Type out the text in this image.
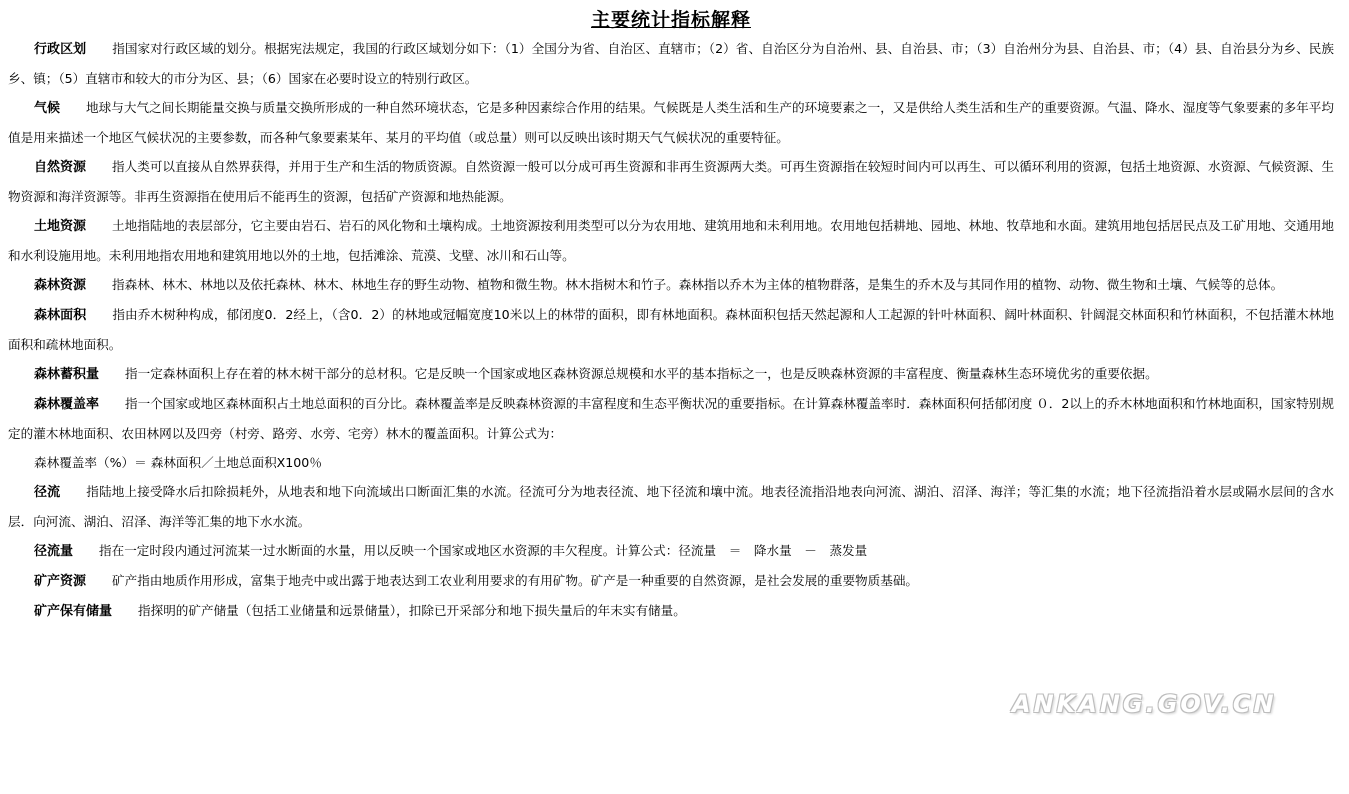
主要统计指标解释

行政区划 指国家对行政区域的划分。根据宪法规定，我国的行政区域划分如下：（1）全国分为省、自治区、直辖市；（2）省、自治区分为自治州、县、自治县、市；（3）自治州分为县、自治县、市；（4）县、自治县分为乡、民族乡、镇；（5）直辖市和较大的市分为区、县；（6）国家在必要时设立的特别行政区。

气候 地球与大气之间长期能量交换与质量交换所形成的一种自然环境状态，它是多种因素综合作用的结果。气候既是人类生活和生产的环境要素之一，又是供给人类生活和生产的重要资源。气温、降水、湿度等气象要素的多年平均值是用来描述一个地区气候状况的主要参数，而各种气象要素某年、某月的平均值（或总量）则可以反映出该时期天气气候状况的重要特征。

自然资源 指人类可以直接从自然界获得，并用于生产和生活的物质资源。自然资源一般可以分成可再生资源和非再生资源两大类。可再生资源指在较短时间内可以再生、可以循环利用的资源，包括土地资源、水资源、气候资源、生物资源和海洋资源等。非再生资源指在使用后不能再生的资源，包括矿产资源和地热能源。

土地资源 土地指陆地的表层部分，它主要由岩石、岩石的风化物和土壤构成。土地资源按利用类型可以分为农用地、建筑用地和未利用地。农用地包括耕地、园地、林地、牧草地和水面。建筑用地包括居民点及工矿用地、交通用地和水利设施用地。未利用地指农用地和建筑用地以外的土地，包括滩涂、荒漠、戈壁、冰川和石山等。

森林资源 指森林、林木、林地以及依托森林、林木、林地生存的野生动物、植物和微生物。林木指树木和竹子。森林指以乔木为主体的植物群落，是集生的乔木及与其同作用的植物、动物、微生物和土壤、气候等的总体。

森林面积 指由乔木树种构成，郁闭度0．2经上，（含0．2）的林地或冠幅宽度10米以上的林带的面积，即有林地面积。森林面积包括天然起源和人工起源的针叶林面积、阔叶林面积、针阔混交林面积和竹林面积，不包括灌木林地面积和疏林地面积。

森林蓄积量 指一定森林面积上存在着的林木树干部分的总材积。它是反映一个国家或地区森林资源总规模和水平的基本指标之一，也是反映森林资源的丰富程度、衡量森林生态环境优劣的重要依据。

森林覆盖率 指一个国家或地区森林面积占土地总面积的百分比。森林覆盖率是反映森林资源的丰富程度和生态平衡状况的重要指标。在计算森林覆盖率时．森林面积何括郁闭度 ０．2以上的乔木林地面积和竹林地面积，国家特别规定的灌木林地面积、农田林网以及四旁（村旁、路旁、水旁、宅旁）林木的覆盖面积。计算公式为：

森林覆盖率（%）＝ 森林面积／土地总面积X100％

径流 指陆地上接受降水后扣除损耗外，从地表和地下向流域出口断面汇集的水流。径流可分为地表径流、地下径流和壤中流。地表径流指沿地表向河流、湖泊、沼泽、海洋；等汇集的水流；地下径流指沿着水层或隔水层间的含水层．向河流、湖泊、沼泽、海洋等汇集的地下水水流。

径流量 指在一定时段内通过河流某一过水断面的水量，用以反映一个国家或地区水资源的丰欠程度。计算公式：径流量　＝　降水量　－　蒸发量

矿产资源 矿产指由地质作用形成，富集于地壳中或出露于地表达到工农业利用要求的有用矿物。矿产是一种重要的自然资源，是社会发展的重要物质基础。

矿产保有储量 指探明的矿产储量（包括工业储量和远景储量），扣除已开采部分和地下损失量后的年末实有储量。

ANKANG.GOV.CN
